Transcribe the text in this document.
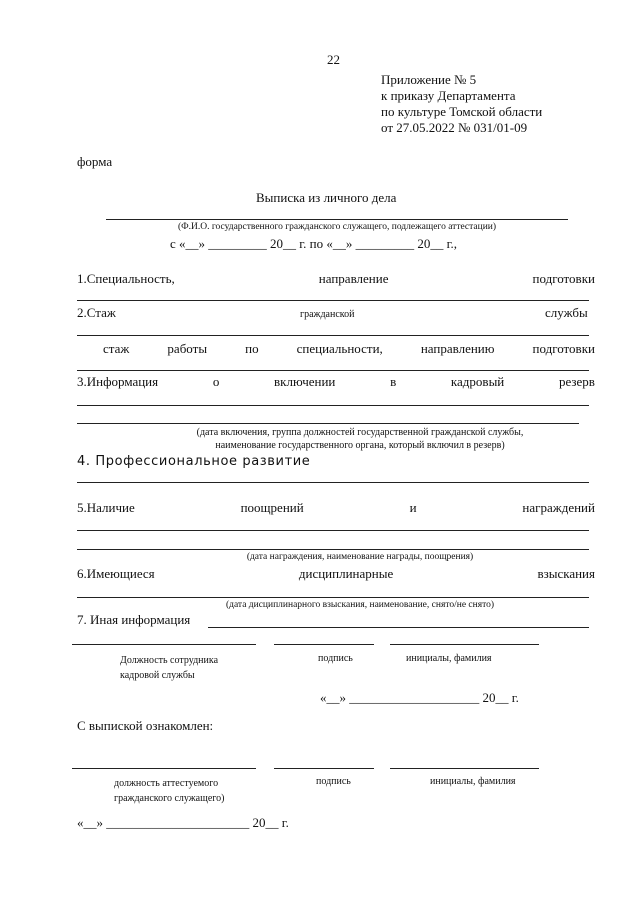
22
Приложение № 5
к приказу Департамента
по культуре Томской области
от 27.05.2022 № 031/01-09
форма
Выписка из личного дела
(Ф.И.О. государственного гражданского служащего, подлежащего аттестации)
с «__» _________ 20__ г. по «__» _________ 20__ г.,
1.Специальность,	направление	подготовки
2.Стаж	гражданской	службы
стаж	работы	по	специальности,	направлению	подготовки
3.Информация	о	включении	в	кадровый	резерв
(дата включения, группа должностей государственной гражданской службы,
наименование государственного органа, который включил в резерв)
4. Профессиональное развитие
5.Наличие	поощрений	и	награждений
(дата награждения, наименование награды, поощрения)
6.Имеющиеся	дисциплинарные	взыскания
(дата дисциплинарного взыскания, наименование, снято/не снято)
7. Иная информация
Должность сотрудника
кадровой службы
подпись	инициалы, фамилия
«__» ____________________ 20__ г.
С выпиской ознакомлен:
должность аттестуемого
гражданского служащего)
подпись	инициалы, фамилия
«__» ______________________ 20__ г.
